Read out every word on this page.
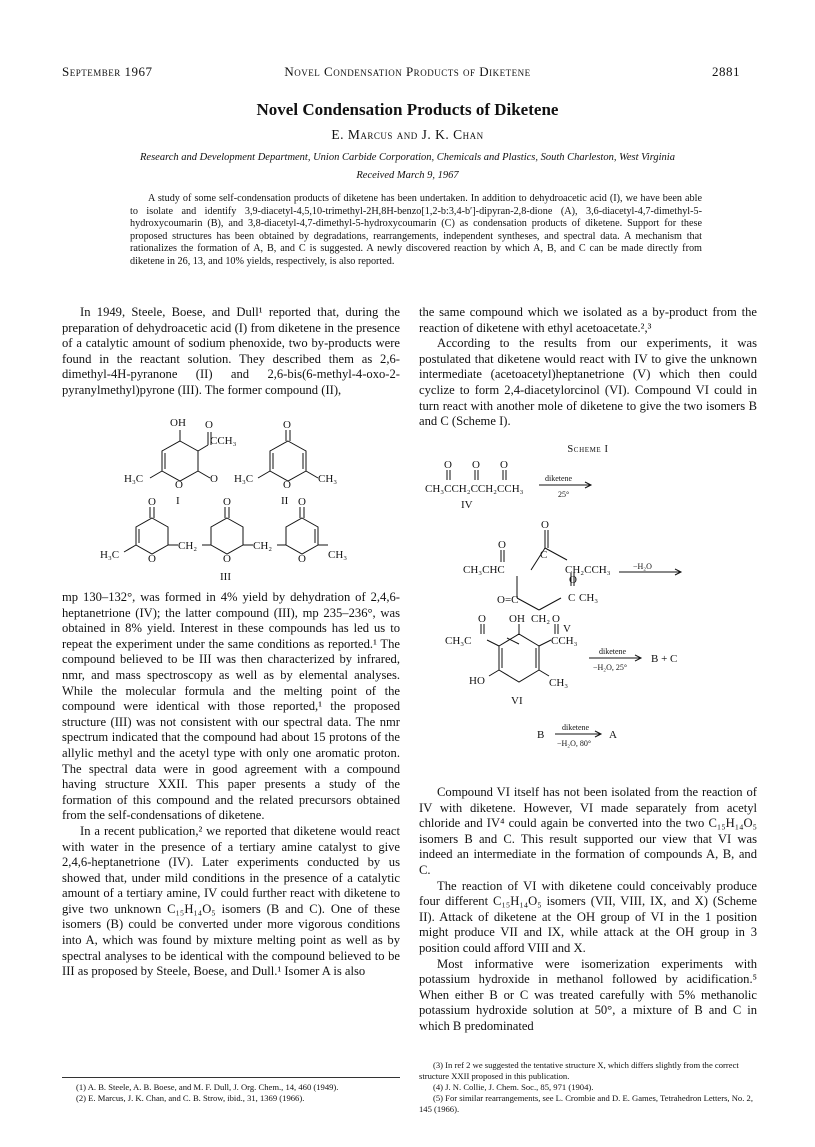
September 1967	Novel Condensation Products of Diketene	2881
Novel Condensation Products of Diketene
E. Marcus and J. K. Chan
Research and Development Department, Union Carbide Corporation, Chemicals and Plastics, South Charleston, West Virginia
Received March 9, 1967
A study of some self-condensation products of diketene has been undertaken. In addition to dehydroacetic acid (I), we have been able to isolate and identify 3,9-diacetyl-4,5,10-trimethyl-2H,8H-benzo[1,2-b:3,4-b′]-dipyran-2,8-dione (A), 3,6-diacetyl-4,7-dimethyl-5-hydroxycoumarin (B), and 3,8-diacetyl-4,7-dimethyl-5-hydroxycoumarin (C) as condensation products of diketene. Support for these proposed structures has been obtained by degradations, rearrangements, independent syntheses, and spectral data. A mechanism that rationalizes the formation of A, B, and C is suggested. A newly discovered reaction by which A, B, and C can be made directly from diketene in 26, 13, and 10% yields, respectively, is also reported.

In 1949, Steele, Boese, and Dull¹ reported that, during the preparation of dehydroacetic acid (I) from diketene in the presence of a catalytic amount of sodium phenoxide, two by-products were found in the reactant solution. They described them as 2,6-dimethyl-4H-pyranone (II) and 2,6-bis(6-methyl-4-oxo-2-pyranylmethyl)pyrone (III). The former compound (II),

OH O
CCH₃
H₃C	O O
I
O
H₃C	O CH₃
II
O	O	O
H₃C
CH₂	CH₂
CH₃
O	O	O
III

mp 130–132°, was formed in 4% yield by dehydration of 2,4,6-heptanetrione (IV); the latter compound (III), mp 235–236°, was obtained in 8% yield. Interest in these compounds has led us to repeat the experiment under the same conditions as reported.¹ The compound believed to be III was then characterized by infrared, nmr, and mass spectroscopy as well as by elemental analyses. While the molecular formula and the melting point of the compound were identical with those reported,¹ the proposed structure (III) was not consistent with our spectral data. The nmr spectrum indicated that the compound had about 15 protons of the allylic methyl and the acetyl type with only one aromatic proton. The spectral data were in good agreement with a compound having structure XXII. This paper presents a study of the formation of this compound and the related precursors obtained from the self-condensations of diketene.

In a recent publication,² we reported that diketene would react with water in the presence of a tertiary amine catalyst to give 2,4,6-heptanetrione (IV). Later experiments conducted by us showed that, under mild conditions in the presence of a catalytic amount of a tertiary amine, IV could further react with diketene to give two unknown C₁₅H₁₄O₅ isomers (B and C). One of these isomers (B) could be converted under more vigorous conditions into A, which was found by mixture melting point as well as by spectral analyses to be identical with the compound believed to be III as proposed by Steele, Boese, and Dull.¹ Isomer A is also

(1) A. B. Steele, A. B. Boese, and M. F. Dull, J. Org. Chem., 14, 460 (1949).

(2) E. Marcus, J. K. Chan, and C. B. Strow, ibid., 31, 1369 (1966).

the same compound which we isolated as a by-product from the reaction of diketene with ethyl acetoacetate.²,³

According to the results from our experiments, it was postulated that diketene would react with IV to give the unknown intermediate (acetoacetyl)heptanetrione (V) which then could cyclize to form 2,4-diacetylorcinol (VI). Compound VI could in turn react with another mole of diketene to give the two isomers B and C (Scheme I).

Scheme I
O O O
CH₃CCH₂CCH₂CCH₃
IV
diketene
25°
O
C
O
CH₃CHC	CH₂CCH₃
O
C CH₃
O=C
CH₂
V
−H₂O
O OH O
CH₃C	CCH₃
HO	CH₃
VI
diketene
−H₂O, 25°
B + C
B
diketene
−H₂O, 80°
A

Compound VI itself has not been isolated from the reaction of IV with diketene. However, VI made separately from acetyl chloride and IV⁴ could again be converted into the two C₁₅H₁₄O₅ isomers B and C. This result supported our view that VI was indeed an intermediate in the formation of compounds A, B, and C.

The reaction of VI with diketene could conceivably produce four different C₁₅H₁₄O₅ isomers (VII, VIII, IX, and X) (Scheme II). Attack of diketene at the OH group of VI in the 1 position might produce VII and IX, while attack at the OH group in 3 position could afford VIII and X.

Most informative were isomerization experiments with potassium hydroxide in methanol followed by acidification.⁵ When either B or C was treated carefully with 5% methanolic potassium hydroxide solution at 50°, a mixture of B and C in which B predominated

(3) In ref 2 we suggested the tentative structure X, which differs slightly from the correct structure XXII proposed in this publication.

(4) J. N. Collie, J. Chem. Soc., 85, 971 (1904).

(5) For similar rearrangements, see L. Crombie and D. E. Games, Tetrahedron Letters, No. 2, 145 (1966).
